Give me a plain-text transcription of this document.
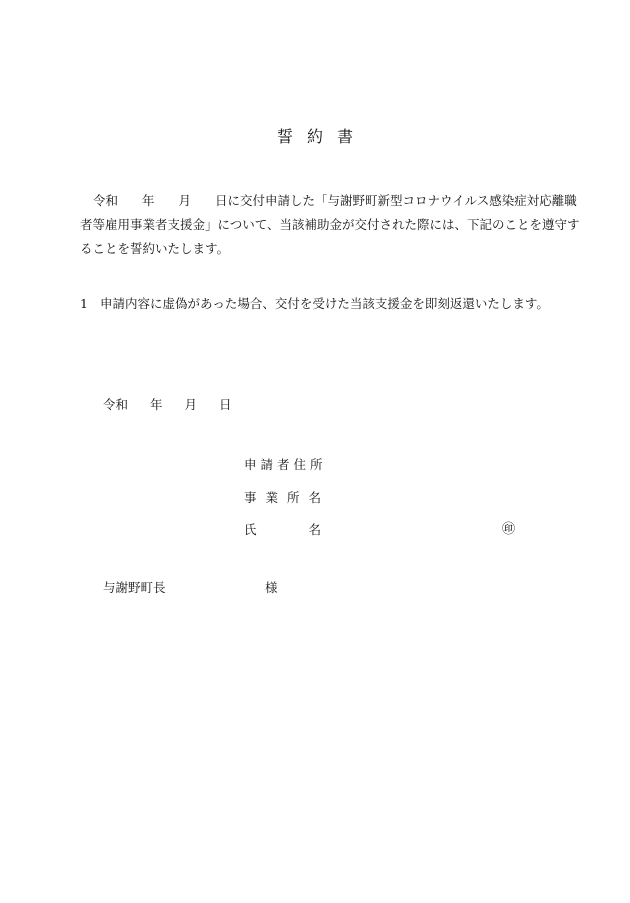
誓約書
令和 年 月 日に交付申請した「与謝野町新型コロナウイルス感染症対応離職
者等雇用事業者支援金」について、当該補助金が交付された際には、下記のことを遵守す
ることを誓約いたします。
1 申請内容に虚偽があった場合、交付を受けた当該支援金を即刻返還いたします。
令和 年 月 日
申請者住所
事業所名
氏	名	㊞
与謝野町長	様
